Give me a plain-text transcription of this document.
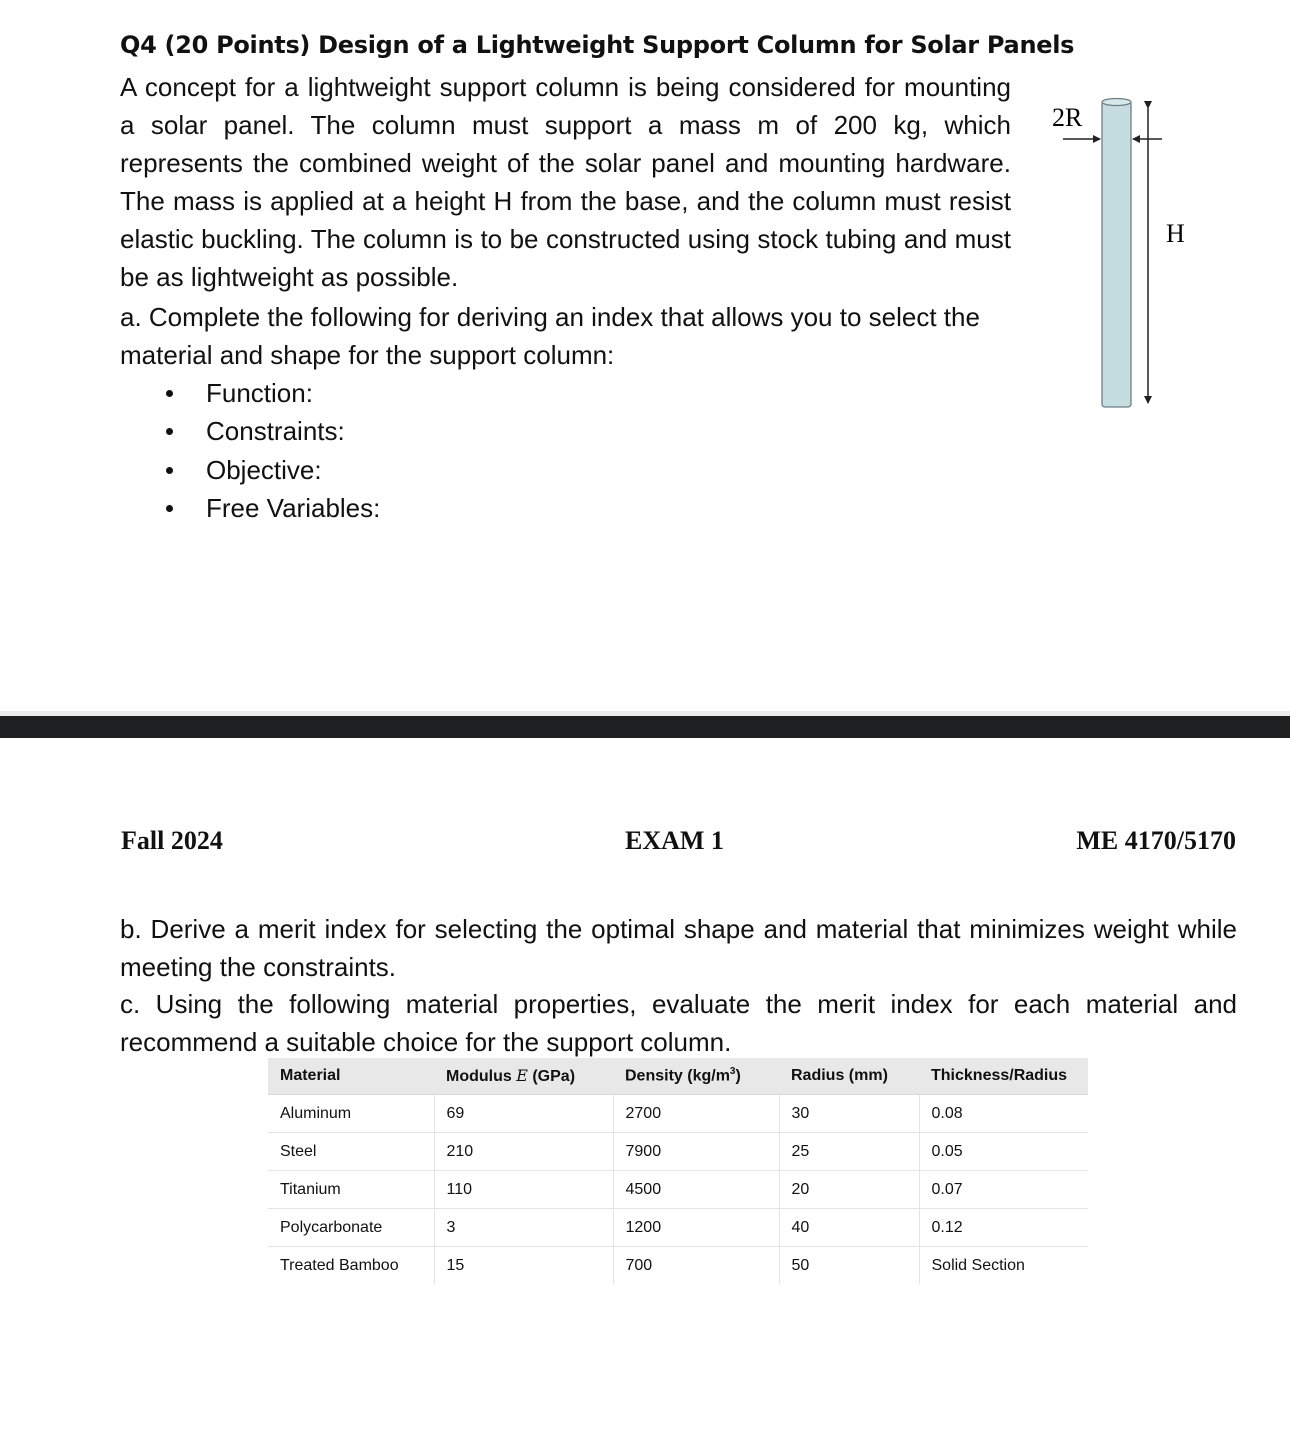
Q4 (20 Points) Design of a Lightweight Support Column for Solar Panels

A concept for a lightweight support column is being considered for mounting a solar panel. The column must support a mass m of 200 kg, which represents the combined weight of the solar panel and mounting hardware. The mass is applied at a height H from the base, and the column must resist elastic buckling. The column is to be constructed using stock tubing and must be as lightweight as possible.

a. Complete the following for deriving an index that allows you to select the material and shape for the support column:

Function:
Constraints:
Objective:
Free Variables:
2R
H
Fall 2024	EXAM 1	ME 4170/5170

b. Derive a merit index for selecting the optimal shape and material that minimizes weight while meeting the constraints.

c. Using the following material properties, evaluate the merit index for each material and recommend a suitable choice for the support column.

Material	Modulus E (GPa)	Density $(kg/m^3)$	Radius (mm)	Thickness/Radius
Aluminum	69	2700	30	0.08
Steel	210	7900	25	0.05
Titanium	110	4500	20	0.07
Polycarbonate	3	1200	40	0.12
Treated Bamboo	15	700	50	Solid Section
